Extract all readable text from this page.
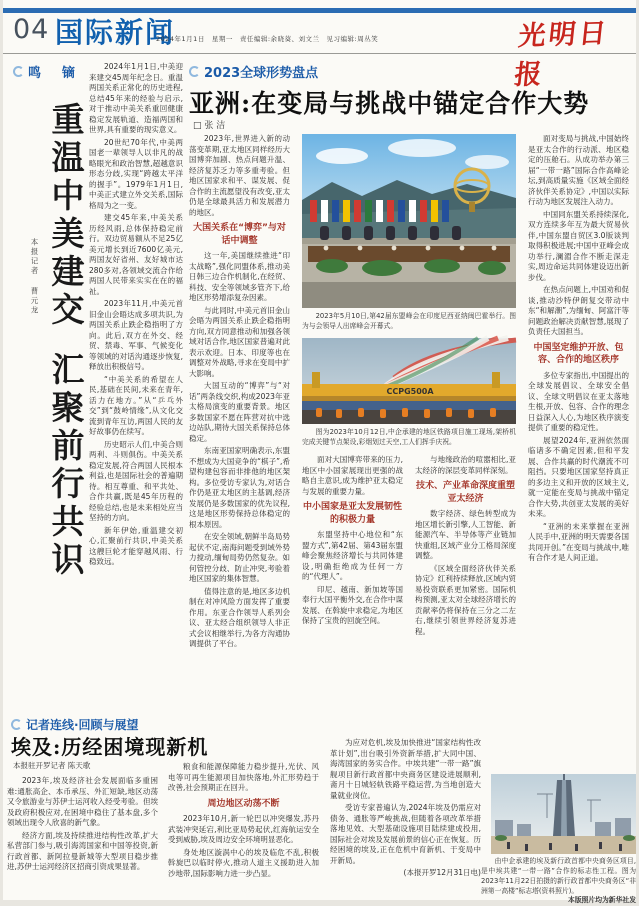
04 国际新闻
2024年1月1日　星期一　责任编辑:余晓葵、刘文兰　见习编辑:周丛笑	光明日报
鸣　镝
重温中美建交
汇聚前行共识
本报记者 曹元龙

2024年1月1日,中美迎来建交45周年纪念日。重温两国关系正常化的历史进程,总结45年来的经验与启示,对于推动中美关系重回健康稳定发展轨道、造福两国和世界,具有重要的现实意义。

20世纪70年代,中美两国老一辈领导人以非凡的战略眼光和政治智慧,超越意识形态分歧,实现“跨越太平洋的握手”。1979年1月1日,中美正式建立外交关系,国际格局为之一变。

建交45年来,中美关系历经风雨,总体保持稳定前行。双边贸易额从不足25亿美元增长到近7600亿美元,两国友好省州、友好城市达280多对,各领域交流合作给两国人民带来实实在在的福祉。

2023年11月,中美元首旧金山会晤达成多项共识,为两国关系止跌企稳指明了方向。此后,双方在外交、经贸、禁毒、军事、气候变化等领域的对话沟通逐步恢复,释放出积极信号。

“中美关系的希望在人民,基础在民间,未来在青年,活力在地方。”从“乒乓外交”到“鼓岭情缘”,从文化交流到青年互访,两国人民的友好故事仍在续写。

历史昭示人们,中美合则两利、斗则俱伤。中美关系稳定发展,符合两国人民根本利益,也是国际社会的普遍期待。相互尊重、和平共处、合作共赢,既是45年历程的经验总结,也是未来相处应当坚持的方向。

新年伊始,重温建交初心,汇聚前行共识,中美关系这艘巨轮才能穿越风雨、行稳致远。

2023全球形势盘点
亚洲:在变局与挑战中锚定合作大势
□ 张 洁

2023年,世界进入新的动荡变革期,亚太地区同样经历大国博弈加剧、热点问题升温、经济复苏乏力等多重考验。但地区国家求和平、谋发展、促合作的主流愿望没有改变,亚太仍是全球最具活力和发展潜力的地区。

大国关系在“博弈”与对话中调整

这一年,美国继续推进“印太战略”,强化同盟体系,推动美日韩三边合作机制化,在经贸、科技、安全等领域多管齐下,给地区形势增添复杂因素。

与此同时,中美元首旧金山会晤为两国关系止跌企稳指明方向,双方同意推动和加强各领域对话合作,地区国家普遍对此表示欢迎。日本、印度等也在调整对外战略,寻求在变局中扩大影响。

大国互动的“博弈”与“对话”两条线交织,构成2023年亚太格局演变的重要背景。地区多数国家不愿在阵营对抗中选边站队,期待大国关系保持总体稳定。

东南亚国家明确表示,东盟不想成为大国竞争的“棋子”,希望构建包容而非排他的地区架构。多位受访专家认为,对话合作仍是亚太地区的主基调,经济发展仍是多数国家的优先议程,这是地区形势保持总体稳定的根本原因。

在安全领域,朝鲜半岛局势起伏不定,南海问题受到域外势力搅动,缅甸局势仍然复杂。如何管控分歧、防止冲突,考验着地区国家的集体智慧。

值得注意的是,地区多边机制在对冲风险方面发挥了重要作用。东亚合作领导人系列会议、亚太经合组织领导人非正式会议相继举行,为各方沟通协调提供了平台。

2023年5月10日,第42届东盟峰会在印度尼西亚纳闽巴霍举行。图为与会领导人出席峰会开幕式。

CCPG500A

图为2023年10月12日,中企承建的地区铁路项目施工现场,架桥机完成关键节点架设,彩烟划过天空,工人们挥手庆祝。

面对大国博弈带来的压力,地区中小国家展现出更强的战略自主意识,成为维护亚太稳定与发展的重要力量。

中小国家是亚太发展韧性的积极力量

东盟坚持中心地位和“东盟方式”,第42届、第43届东盟峰会聚焦经济增长与共同体建设,明确拒绝成为任何一方的“代理人”。

印尼、越南、新加坡等国奉行大国平衡外交,在合作中谋发展、在斡旋中求稳定,为地区保持了宝贵的回旋空间。

与地缘政治的喧嚣相比,亚太经济的深层变革同样深刻。

技术、产业革命深度重塑亚太经济

数字经济、绿色转型成为地区增长新引擎,人工智能、新能源汽车、半导体等产业链加快重组,区域产业分工格局深度调整。

《区域全面经济伙伴关系协定》红利持续释放,区域内贸易投资联系更加紧密。国际机构预测,亚太对全球经济增长的贡献率仍将保持在三分之二左右,继续引领世界经济复苏进程。

面对变局与挑战,中国始终是亚太合作的行动派、地区稳定的压舱石。从成功举办第三届“一带一路”国际合作高峰论坛,到高质量实施《区域全面经济伙伴关系协定》,中国以实际行动为地区发展注入动力。

中国同东盟关系持续深化,双方连续多年互为最大贸易伙伴,中国东盟自贸区3.0版谈判取得积极进展;中国中亚峰会成功举行,澜湄合作不断走深走实,周边命运共同体建设迈出新步伐。

在热点问题上,中国劝和促谈,推动沙特伊朗复交带动中东“和解潮”,为缅甸、阿富汗等问题政治解决贡献智慧,展现了负责任大国担当。

中国坚定维护开放、包容、合作的地区秩序

多位专家指出,中国提出的全球发展倡议、全球安全倡议、全球文明倡议在亚太落地生根,开放、包容、合作的理念日益深入人心,为地区秩序演变提供了重要的稳定性。

展望2024年,亚洲依然面临诸多不确定因素,但和平发展、合作共赢的时代潮流不可阻挡。只要地区国家坚持真正的多边主义和开放的区域主义,就一定能在变局与挑战中锚定合作大势,共创亚太发展的美好未来。

“亚洲的未来掌握在亚洲人民手中,亚洲的明天需要各国共同开创。”在变局与挑战中,唯有合作才是人间正道。

记者连线·回顾与展望
埃及:历经困境现新机
本报驻开罗记者 陈天歌

2023年,埃及经济社会发展面临多重困难:通胀高企、本币承压、外汇短缺,地区动荡又令旅游业与苏伊士运河收入经受考验。但埃及政府积极应对,在困境中稳住了基本盘,多个领域出现令人欣喜的新气象。

经济方面,埃及持续推进结构性改革,扩大私营部门参与,吸引海湾国家和中国等投资,新行政首都、新阿拉曼新城等大型项目稳步推进,苏伊士运河经济区招商引资成果显著。

粮食和能源保障能力稳步提升,光伏、风电等可再生能源项目加快落地,外汇形势趋于改善,社会预期正在回升。

周边地区动荡不断

2023年10月,新一轮巴以冲突爆发,苏丹武装冲突延宕,利比亚局势起伏,红海航运安全受到威胁,埃及周边安全环境明显恶化。

身处地区漩涡中心的埃及临危不乱,积极斡旋巴以临时停火,推动人道主义援助进入加沙地带,国际影响力进一步凸显。

为应对危机,埃及加快推进“国家结构性改革计划”,出台吸引外资新举措,扩大同中国、海湾国家的务实合作。中埃共建“一带一路”旗舰项目新行政首都中央商务区建设进展顺利,斋月十日城轻轨铁路平稳运营,为当地创造大量就业岗位。

受访专家普遍认为,2024年埃及仍需应对债务、通胀等严峻挑战,但随着各项改革举措落地见效、大型基础设施项目陆续建成投用,国际社会对埃及发展前景的信心正在恢复。历经困境的埃及,正在危机中育新机、于变局中开新局。

(本报开罗12月31日电)

由中企承建的埃及新行政首都中央商务区项目,是中埃共建“一带一路”合作的标志性工程。图为2023年11月22日拍摄的新行政首都中央商务区“非洲第一高楼”标志塔(资料照片)。

本版照片均为新华社发
